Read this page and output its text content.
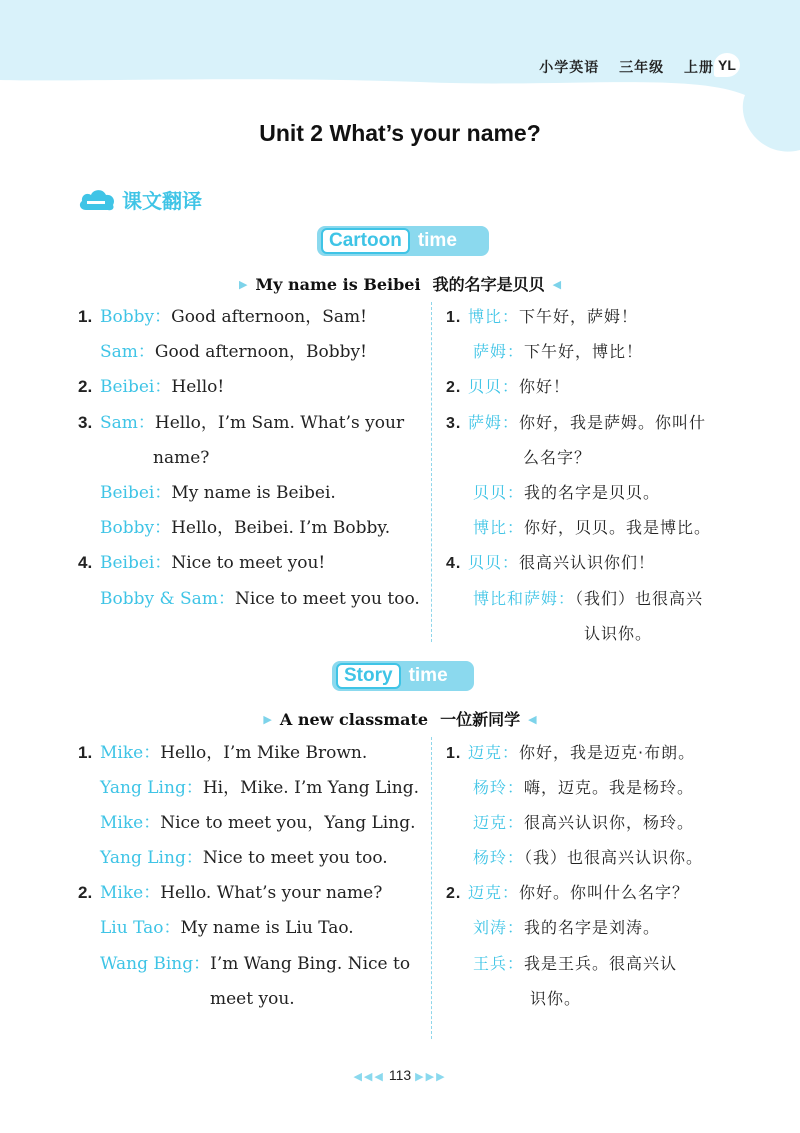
小学英语 三年级 上册 YL
Unit 2 What’s your name?
课文翻译
Cartoon time
▶ My name is Beibei 我的名字是贝贝 ◀
1. Bobby：Good afternoon，Sam!
Sam：Good afternoon，Bobby!
2. Beibei：Hello!
3. Sam：Hello，I’m Sam. What’s your
name?
Beibei：My name is Beibei.
Bobby：Hello，Beibei. I’m Bobby.
4. Beibei：Nice to meet you!
Bobby & Sam：Nice to meet you too.
1. 博比：下午好，萨姆！
萨姆：下午好，博比！
2. 贝贝：你好！
3. 萨姆：你好，我是萨姆。你叫什
么名字？
贝贝：我的名字是贝贝。
博比：你好，贝贝。我是博比。
4. 贝贝：很高兴认识你们！
博比和萨姆：（我们）也很高兴
认识你。
Story time
▶ A new classmate 一位新同学 ◀
1. Mike：Hello，I’m Mike Brown.
Yang Ling：Hi，Mike. I’m Yang Ling.
Mike：Nice to meet you，Yang Ling.
Yang Ling：Nice to meet you too.
2. Mike：Hello. What’s your name?
Liu Tao：My name is Liu Tao.
Wang Bing：I’m Wang Bing. Nice to
meet you.
1. 迈克：你好，我是迈克·布朗。
杨玲：嗨，迈克。我是杨玲。
迈克：很高兴认识你，杨玲。
杨玲：（我）也很高兴认识你。
2. 迈克：你好。你叫什么名字？
刘涛：我的名字是刘涛。
王兵：我是王兵。很高兴认
识你。
◀◀◀ 113 ▶▶▶
